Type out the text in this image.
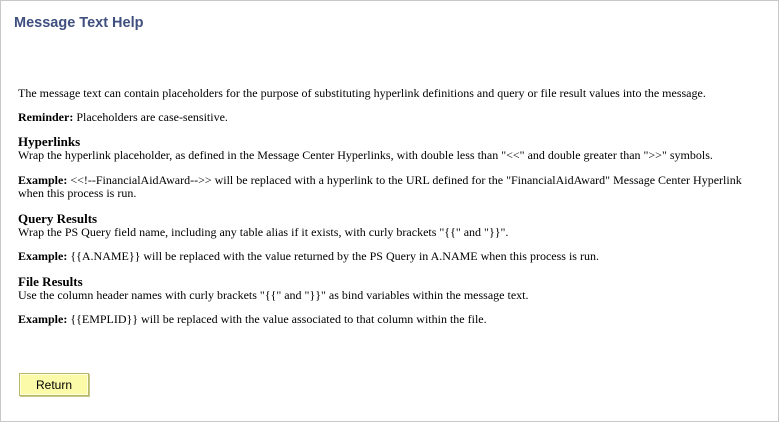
Message Text Help

The message text can contain placeholders for the purpose of substituting hyperlink definitions and query or file result values into the message.

Reminder: Placeholders are case-sensitive.

Hyperlinks

Wrap the hyperlink placeholder, as defined in the Message Center Hyperlinks, with double less than "<<" and double greater than ">>" symbols.

Example: <<!--FinancialAidAward-->> will be replaced with a hyperlink to the URL defined for the "FinancialAidAward" Message Center Hyperlink when this process is run.

Query Results

Wrap the PS Query field name, including any table alias if it exists, with curly brackets "{{" and "}}".

Example: {{A.NAME}} will be replaced with the value returned by the PS Query in A.NAME when this process is run.

File Results

Use the column header names with curly brackets "{{" and "}}" as bind variables within the message text.

Example: {{EMPLID}} will be replaced with the value associated to that column within the file.

Return
